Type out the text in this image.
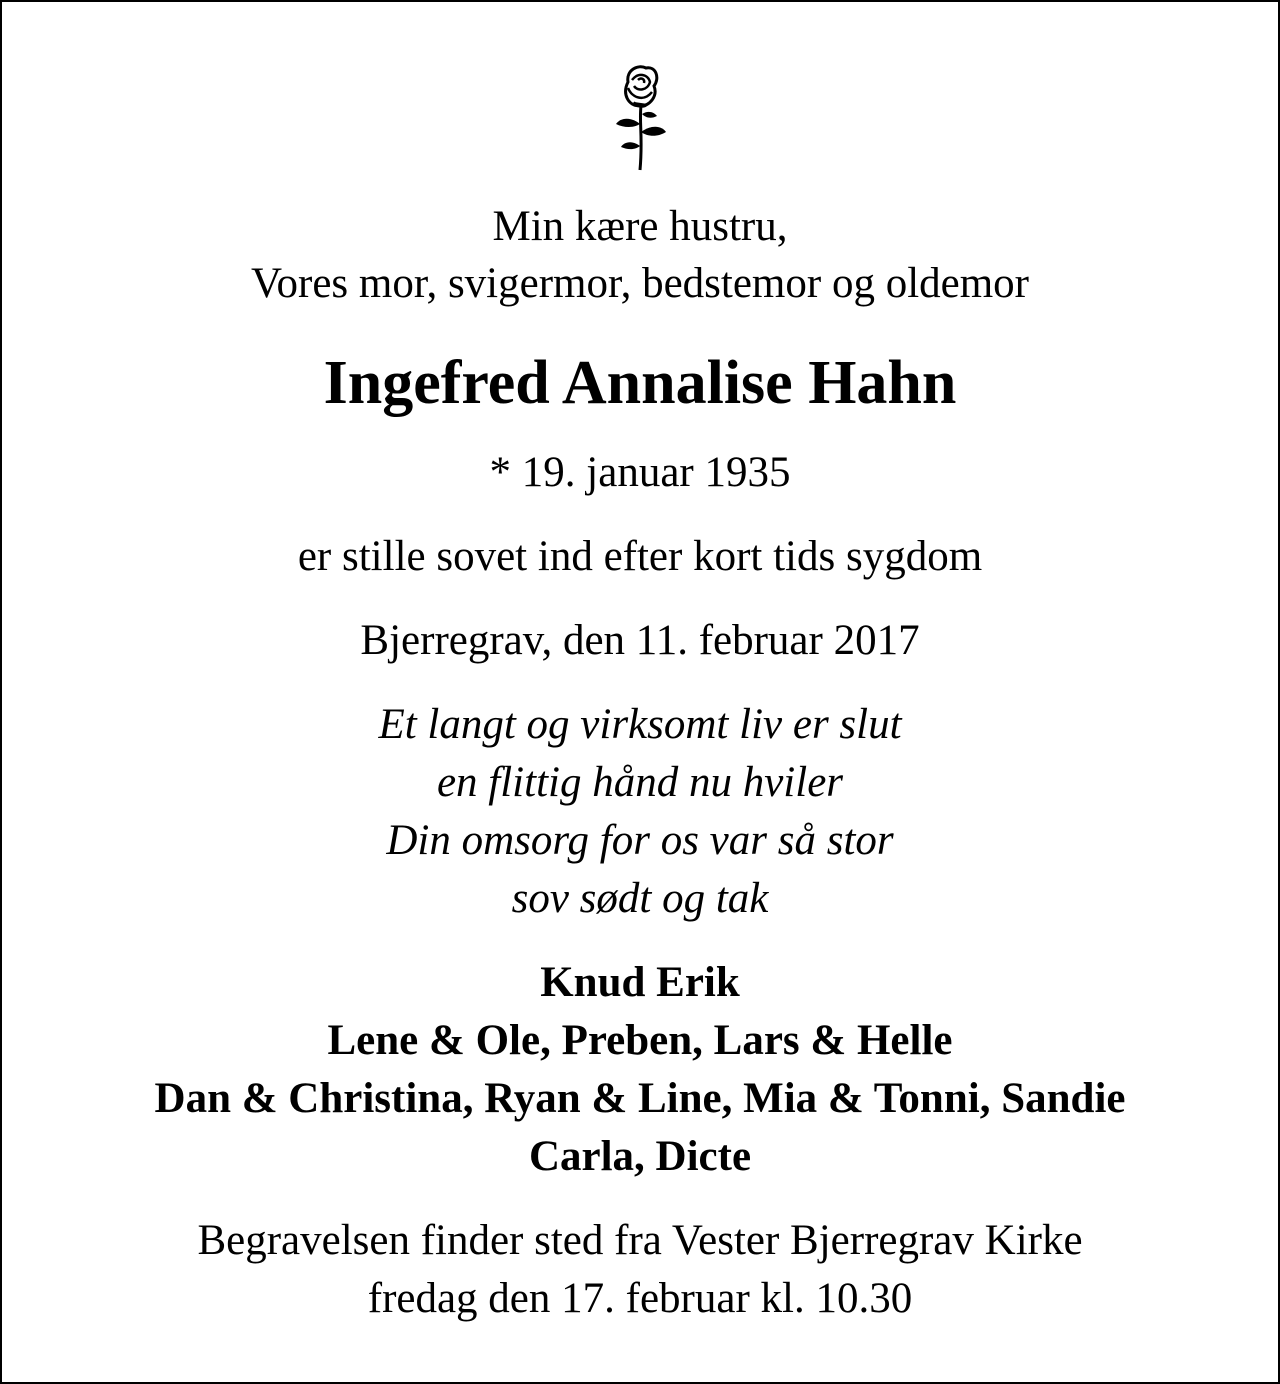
Min kære hustru,

Vores mor, svigermor, bedstemor og oldemor

Ingefred Annalise Hahn

* 19. januar 1935

er stille sovet ind efter kort tids sygdom

Bjerregrav, den 11. februar 2017

Et langt og virksomt liv er slut

en flittig hånd nu hviler

Din omsorg for os var så stor

sov sødt og tak

Knud Erik

Lene & Ole, Preben, Lars & Helle

Dan & Christina, Ryan & Line, Mia & Tonni, Sandie

Carla, Dicte

Begravelsen finder sted fra Vester Bjerregrav Kirke

fredag den 17. februar kl. 10.30
